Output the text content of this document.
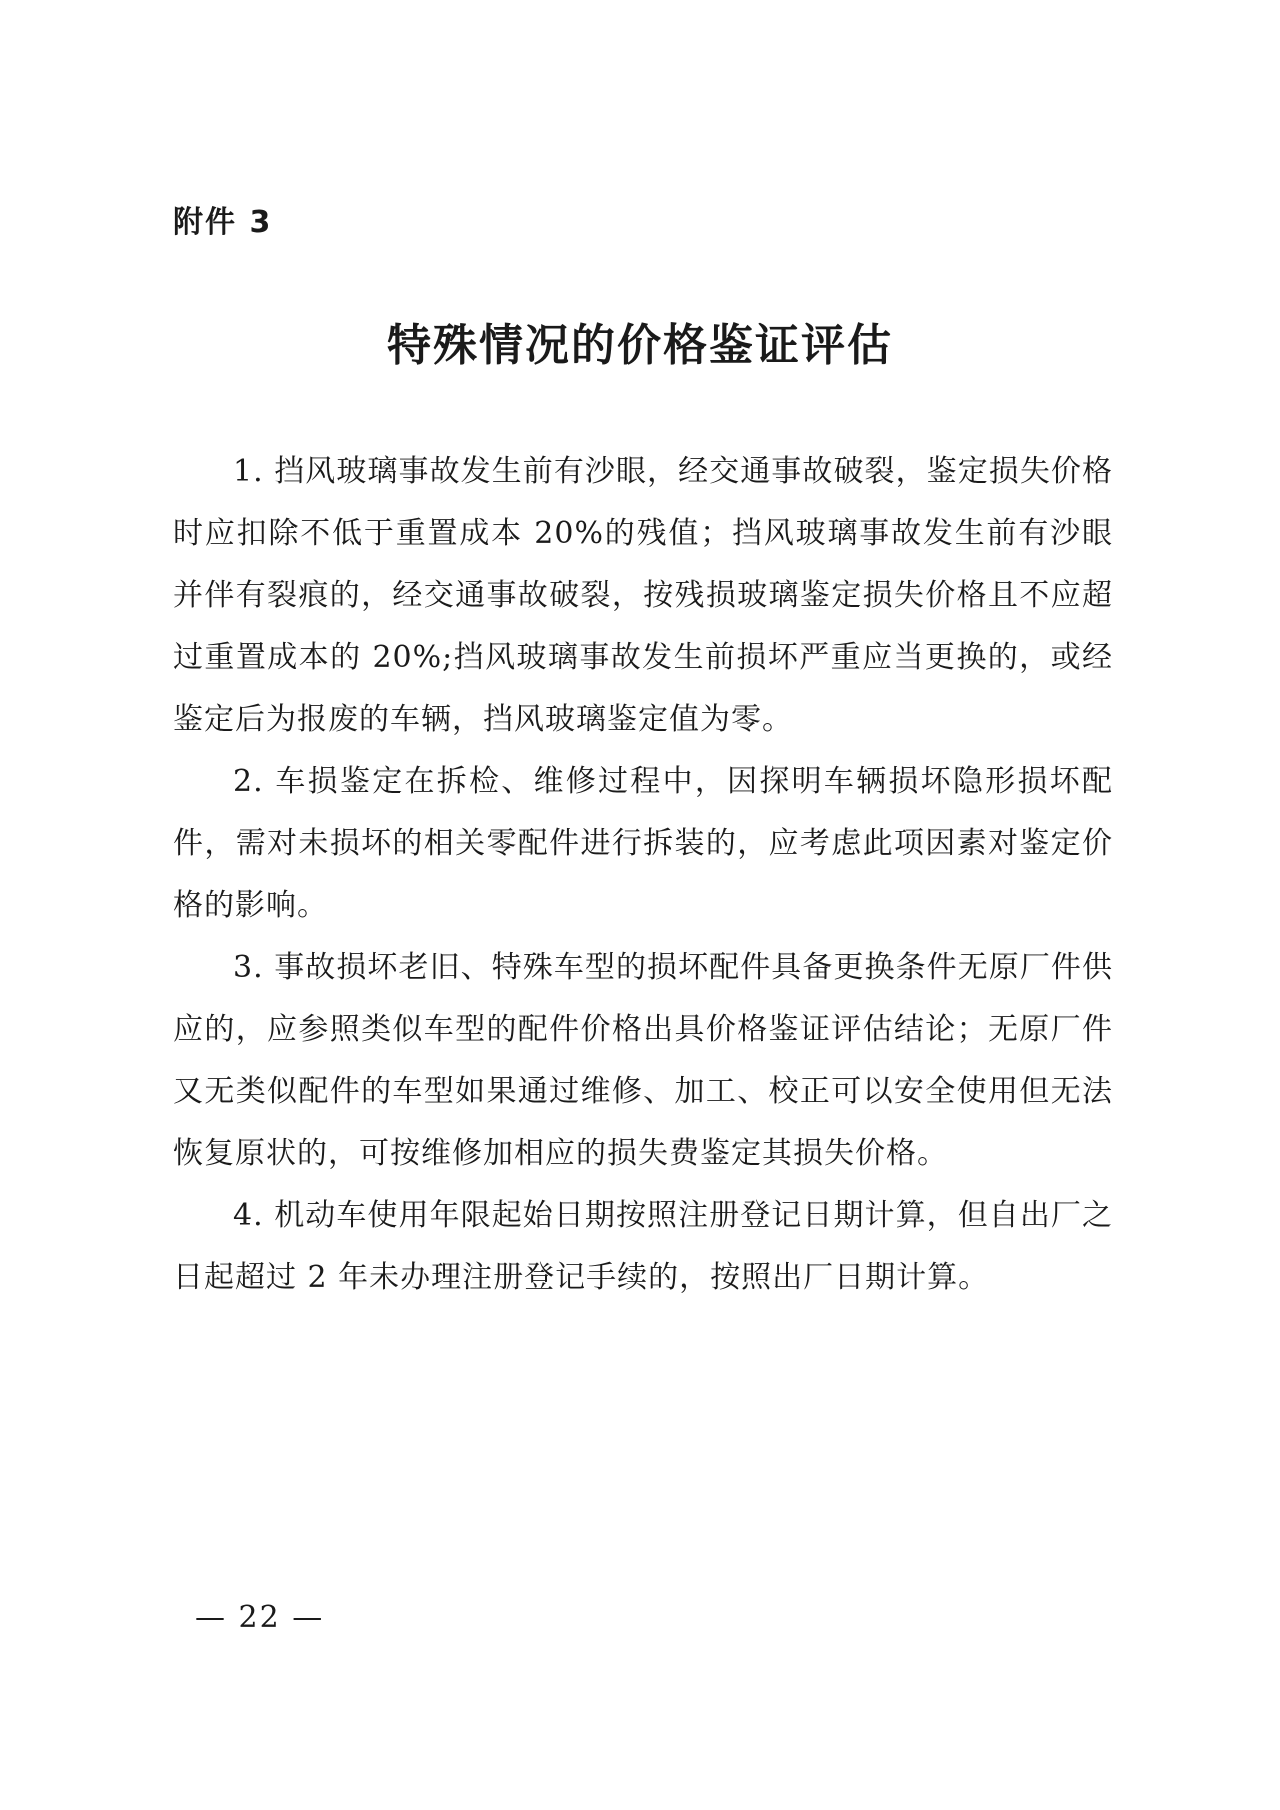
附件 3
特殊情况的价格鉴证评估

1. 挡风玻璃事故发生前有沙眼，经交通事故破裂，鉴定损失价格时应扣除不低于重置成本 20%的残值；挡风玻璃事故发生前有沙眼并伴有裂痕的，经交通事故破裂，按残损玻璃鉴定损失价格且不应超过重置成本的 20%;挡风玻璃事故发生前损坏严重应当更换的，或经鉴定后为报废的车辆，挡风玻璃鉴定值为零。

2. 车损鉴定在拆检、维修过程中，因探明车辆损坏隐形损坏配件，需对未损坏的相关零配件进行拆装的，应考虑此项因素对鉴定价格的影响。

3. 事故损坏老旧、特殊车型的损坏配件具备更换条件无原厂件供应的，应参照类似车型的配件价格出具价格鉴证评估结论；无原厂件又无类似配件的车型如果通过维修、加工、校正可以安全使用但无法恢复原状的，可按维修加相应的损失费鉴定其损失价格。

4. 机动车使用年限起始日期按照注册登记日期计算，但自出厂之日起超过 2 年未办理注册登记手续的，按照出厂日期计算。

— 22 —
